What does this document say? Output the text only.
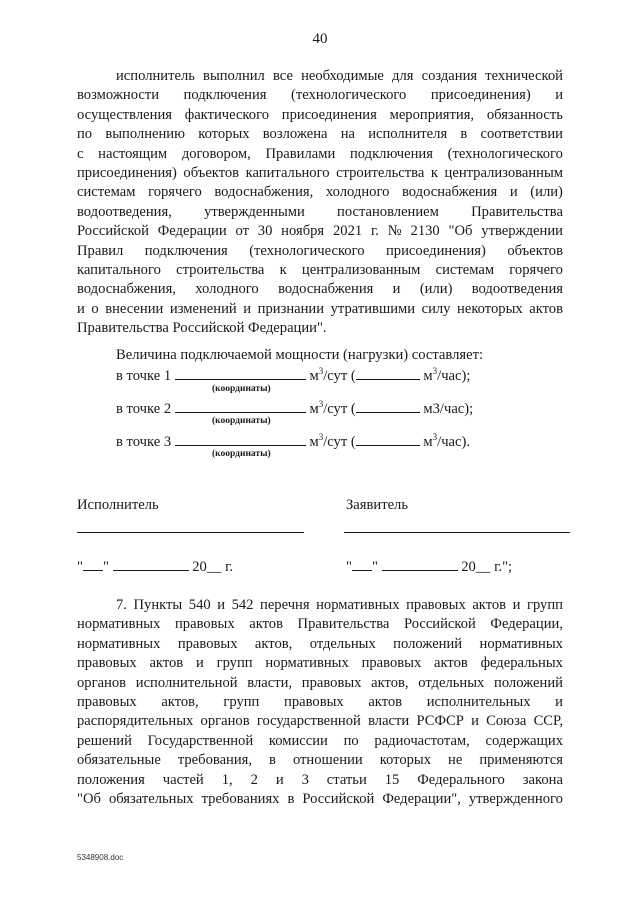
40
исполнитель выполнил все необходимые для создания технической
возможности подключения (технологического присоединения) и
осуществления фактического присоединения мероприятия, обязанность
по выполнению которых возложена на исполнителя в соответствии
с настоящим договором, Правилами подключения (технологического
присоединения) объектов капитального строительства к централизованным
системам горячего водоснабжения, холодного водоснабжения и (или)
водоотведения, утвержденными постановлением Правительства
Российской Федерации от 30 ноября 2021 г. № 2130 "Об утверждении
Правил подключения (технологического присоединения) объектов
капитального строительства к централизованным системам горячего
водоснабжения, холодного водоснабжения и (или) водоотведения
и о внесении изменений и признании утратившими силу некоторых актов
Правительства Российской Федерации".
Величина подключаемой мощности (нагрузки) составляет:
в точке 1	$м^3$/сут (	$м^3/час$);
(координаты)
в точке 2	$м^3$/сут (	м3/час);
(координаты)
в точке 3	$м^3$/сут (	$м^3/час$).
(координаты)
Исполнитель	Заявитель
" "	20__ г.	" "	20__ г.";
7. Пункты 540 и 542 перечня нормативных правовых актов и групп
нормативных правовых актов Правительства Российской Федерации,
нормативных правовых актов, отдельных положений нормативных
правовых актов и групп нормативных правовых актов федеральных
органов исполнительной власти, правовых актов, отдельных положений
правовых актов, групп правовых актов исполнительных и
распорядительных органов государственной власти РСФСР и Союза ССР,
решений Государственной комиссии по радиочастотам, содержащих
обязательные требования, в отношении которых не применяются
положения частей 1, 2 и 3 статьи 15 Федерального закона
"Об обязательных требованиях в Российской Федерации", утвержденного
5348908.doc
